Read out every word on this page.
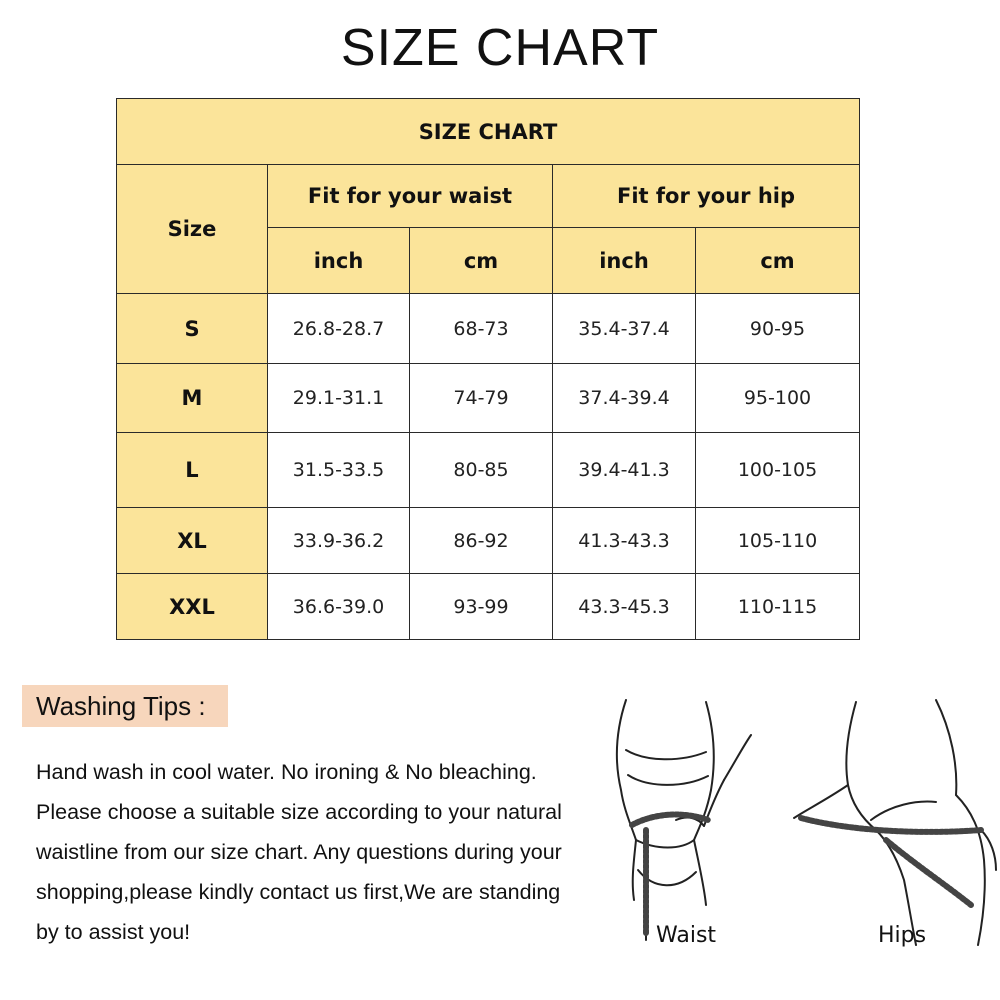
SIZE CHART
SIZE CHART				
Size	Fit for your waist		Fit for your hip	
	inch	cm	inch	cm
S	26.8-28.7	68-73	35.4-37.4	90-95
M	29.1-31.1	74-79	37.4-39.4	95-100
L	31.5-33.5	80-85	39.4-41.3	100-105
XL	33.9-36.2	86-92	41.3-43.3	105-110
XXL	36.6-39.0	93-99	43.3-45.3	110-115
Washing Tips :
Hand wash in cool water. No ironing & No bleaching.
Please choose a suitable size according to your natural
waistline from our size chart. Any questions during your
shopping,please kindly contact us first,We are standing
by to assist you!	Waist	Hips
